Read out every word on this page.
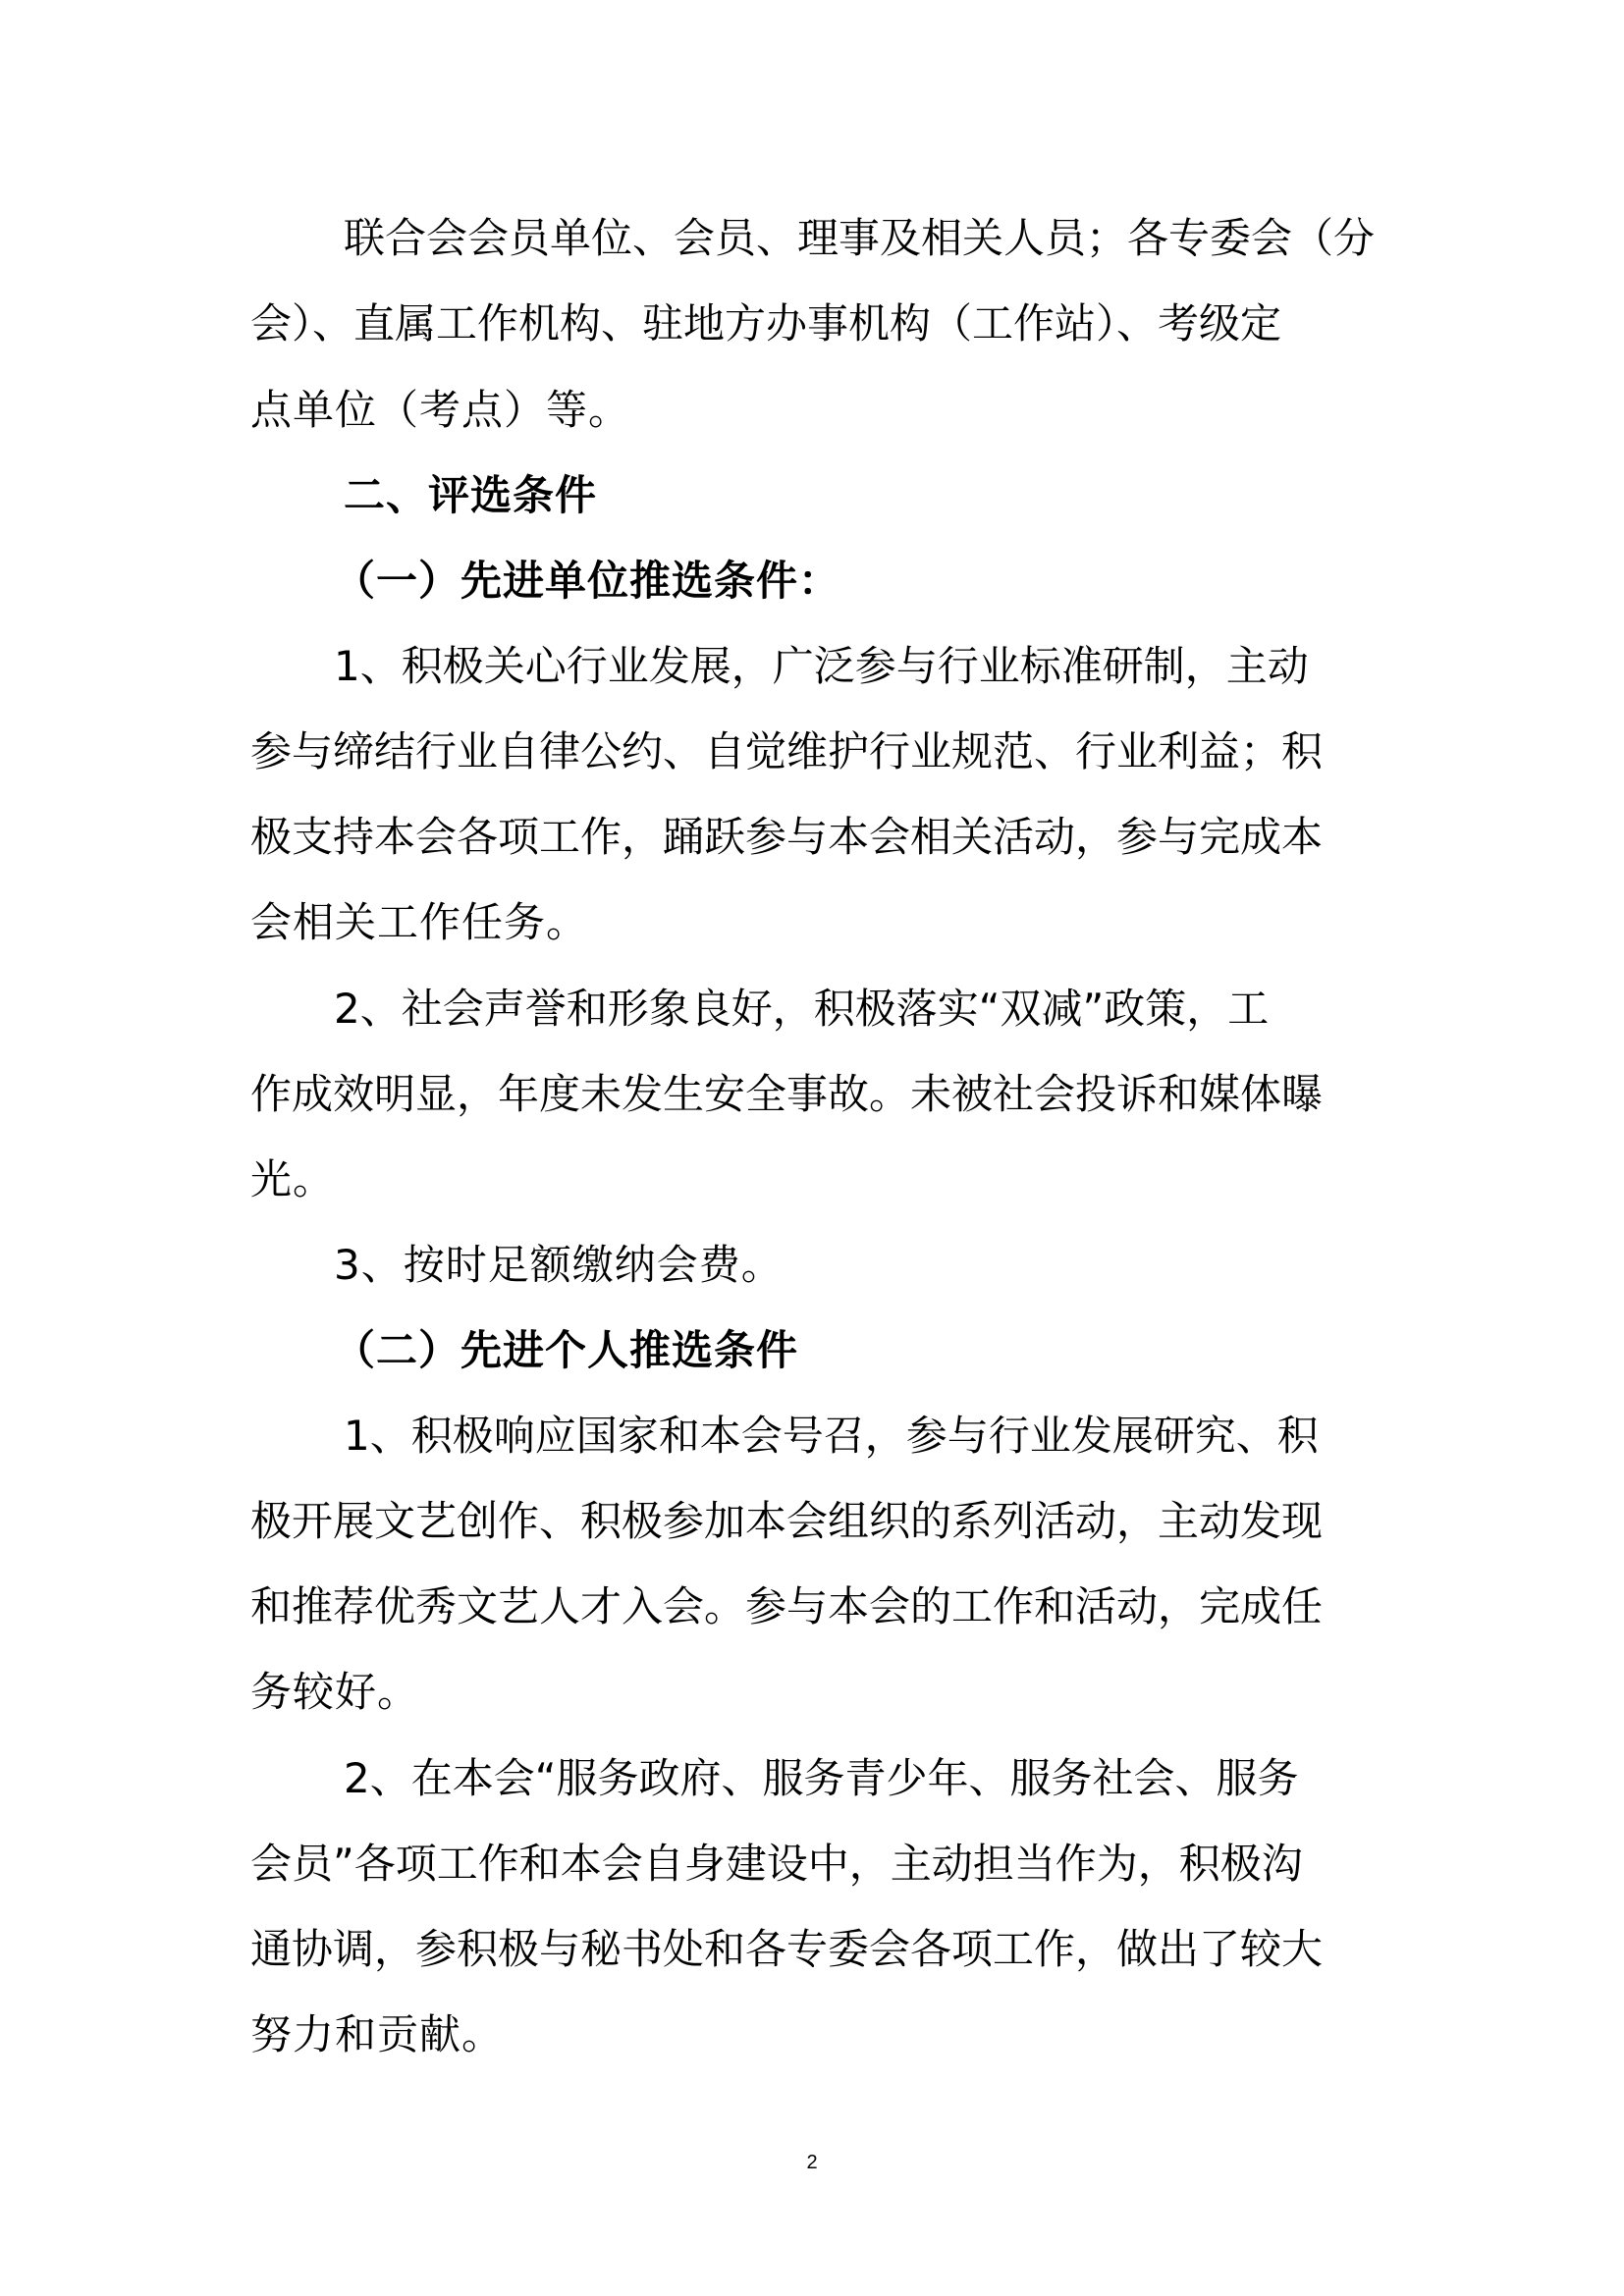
联合会会员单位、会员、理事及相关人员；各专委会（分
会）、直属工作机构、驻地方办事机构（工作站）、考级定
点单位（考点）等。
二、评选条件
（一）先进单位推选条件：
1、积极关心行业发展，广泛参与行业标准研制，主动
参与缔结行业自律公约、自觉维护行业规范、行业利益；积
极支持本会各项工作，踊跃参与本会相关活动，参与完成本
会相关工作任务。
2、社会声誉和形象良好，积极落实“双减”政策，工
作成效明显，年度未发生安全事故。未被社会投诉和媒体曝
光。
3、按时足额缴纳会费。
（二）先进个人推选条件
1、积极响应国家和本会号召，参与行业发展研究、积
极开展文艺创作、积极参加本会组织的系列活动，主动发现
和推荐优秀文艺人才入会。参与本会的工作和活动，完成任
务较好。
2、在本会“服务政府、服务青少年、服务社会、服务
会员”各项工作和本会自身建设中，主动担当作为，积极沟
通协调，参积极与秘书处和各专委会各项工作，做出了较大
努力和贡献。
2
